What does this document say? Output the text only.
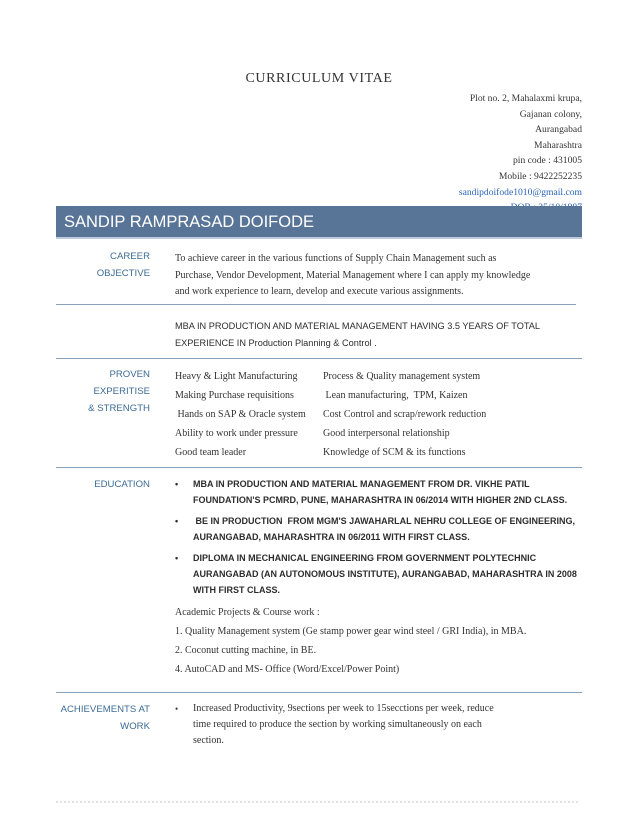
CURRICULUM VITAE
Plot no. 2, Mahalaxmi krupa,
Gajanan colony,
Aurangabad
Maharashtra
pin code : 431005
Mobile : 9422252235
sandipdoifode1010@gmail.com
SANDIP RAMPRASAD DOIFODE
CAREER OBJECTIVE
To achieve career in the various functions of Supply Chain Management such as
Purchase, Vendor Development, Material Management where I can apply my knowledge
and work experience to learn, develop and execute various assignments.
MBA IN PRODUCTION AND MATERIAL MANAGEMENT HAVING 3.5 YEARS OF TOTAL
EXPERIENCE IN Production Planning & Control .
PROVEN EXPERITISE
& STRENGTH
Heavy & Light Manufacturing
Making Purchase requisitions
Hands on SAP & Oracle system
Ability to work under pressure
Good team leader
Process & Quality management system
Lean manufacturing,  TPM, Kaizen
Cost Control and scrap/rework reduction
Good interpersonal relationship
Knowledge of SCM & its functions
EDUCATION	• MBA IN PRODUCTION AND MATERIAL MANAGEMENT FROM DR. VIKHE PATIL
FOUNDATION'S PCMRD, PUNE, MAHARASHTRA IN 06/2014 WITH HIGHER 2ND CLASS.
• BE IN PRODUCTION  FROM MGM'S JAWAHARLAL NEHRU COLLEGE OF ENGINEERING,
AURANGABAD, MAHARASHTRA IN 06/2011 WITH FIRST CLASS.
• DIPLOMA IN MECHANICAL ENGINEERING FROM GOVERNMENT POLYTECHNIC
AURANGABAD (AN AUTONOMOUS INSTITUTE), AURANGABAD, MAHARASHTRA IN 2008
WITH FIRST CLASS.
Academic Projects & Course work :
1. Quality Management system (Ge stamp power gear wind steel / GRI India), in MBA.
2. Coconut cutting machine, in BE.
4. AutoCAD and MS- Office (Word/Excel/Power Point)
ACHIEVEMENTS AT
WORK
• Increased Productivity, 9sections per week to 15secctions per week, reduce
time required to produce the section by working simultaneously on each
section.
